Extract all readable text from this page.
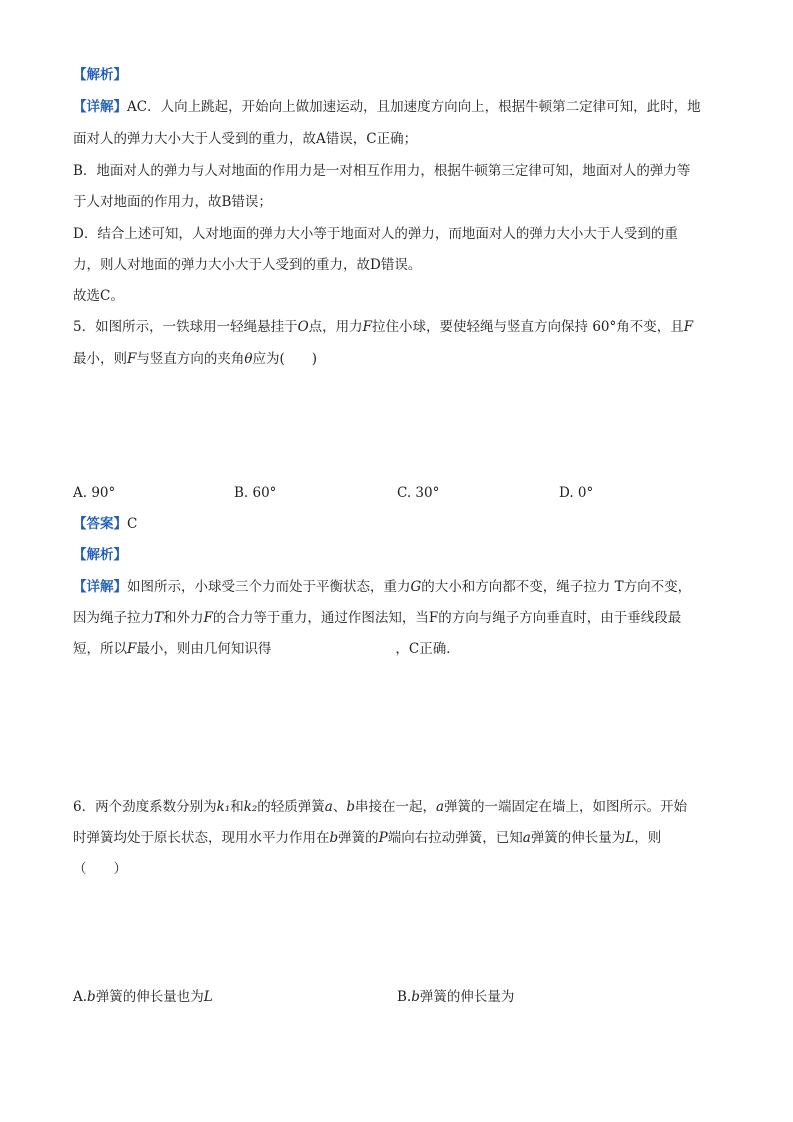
【解析】
【详解】AC．人向上跳起，开始向上做加速运动，且加速度方向向上，根据牛顿第二定律可知，此时，地
面对人的弹力大小大于人受到的重力，故A错误，C正确；
B．地面对人的弹力与人对地面的作用力是一对相互作用力，根据牛顿第三定律可知，地面对人的弹力等
于人对地面的作用力，故B错误；
D．结合上述可知，人对地面的弹力大小等于地面对人的弹力，而地面对人的弹力大小大于人受到的重
力，则人对地面的弹力大小大于人受到的重力，故D错误。
故选C。
5．如图所示，一铁球用一轻绳悬挂于O点，用力F拉住小球，要使轻绳与竖直方向保持 60°角不变，且F
最小，则F与竖直方向的夹角θ应为(　　)
A. 90°	B. 60°	C. 30°	D. 0°
【答案】C
【解析】
【详解】如图所示，小球受三个力而处于平衡状态，重力G的大小和方向都不变，绳子拉力 T方向不变，
因为绳子拉力T和外力F的合力等于重力，通过作图法知，当F的方向与绳子方向垂直时，由于垂线段最
短，所以F最小，则由几何知识得	，C正确．
6．两个劲度系数分别为k₁和k₂的轻质弹簧a、b串接在一起，a弹簧的一端固定在墙上，如图所示。开始
时弹簧均处于原长状态，现用水平力作用在b弹簧的P端向右拉动弹簧，已知a弹簧的伸长量为L，则
（　　）
A.b弹簧的伸长量也为L	B.b弹簧的伸长量为
